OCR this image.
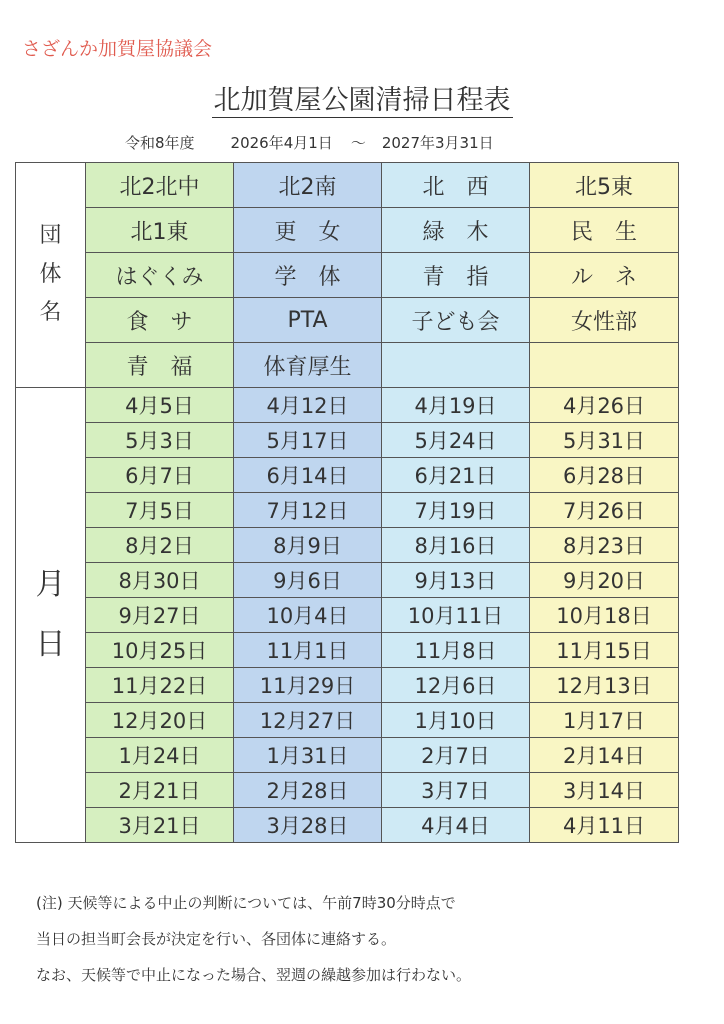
さざんか加賀屋協議会
北加賀屋公園清掃日程表
令和8年度 2026年4月1日 ～ 2027年3月31日
団
体
名	北2北中	北2南	北　西	北5東
	北1東	更　女	緑　木	民　生
	はぐくみ	学　体	青　指	ル　ネ
	食　サ	PTA	子ども会	女性部
	青　福	体育厚生		

月
日	4月5日	4月12日	4月19日	4月26日
	5月3日	5月17日	5月24日	5月31日
	6月7日	6月14日	6月21日	6月28日
	7月5日	7月12日	7月19日	7月26日
	8月2日	8月9日	8月16日	8月23日
	8月30日	9月6日	9月13日	9月20日
	9月27日	10月4日	10月11日	10月18日
	10月25日	11月1日	11月8日	11月15日
	11月22日	11月29日	12月6日	12月13日
	12月20日	12月27日	1月10日	1月17日
	1月24日	1月31日	2月7日	2月14日
	2月21日	2月28日	3月7日	3月14日
	3月21日	3月28日	4月4日	4月11日
(注) 天候等による中止の判断については、午前7時30分時点で
当日の担当町会長が決定を行い、各団体に連絡する。
なお、天候等で中止になった場合、翌週の繰越参加は行わない。
